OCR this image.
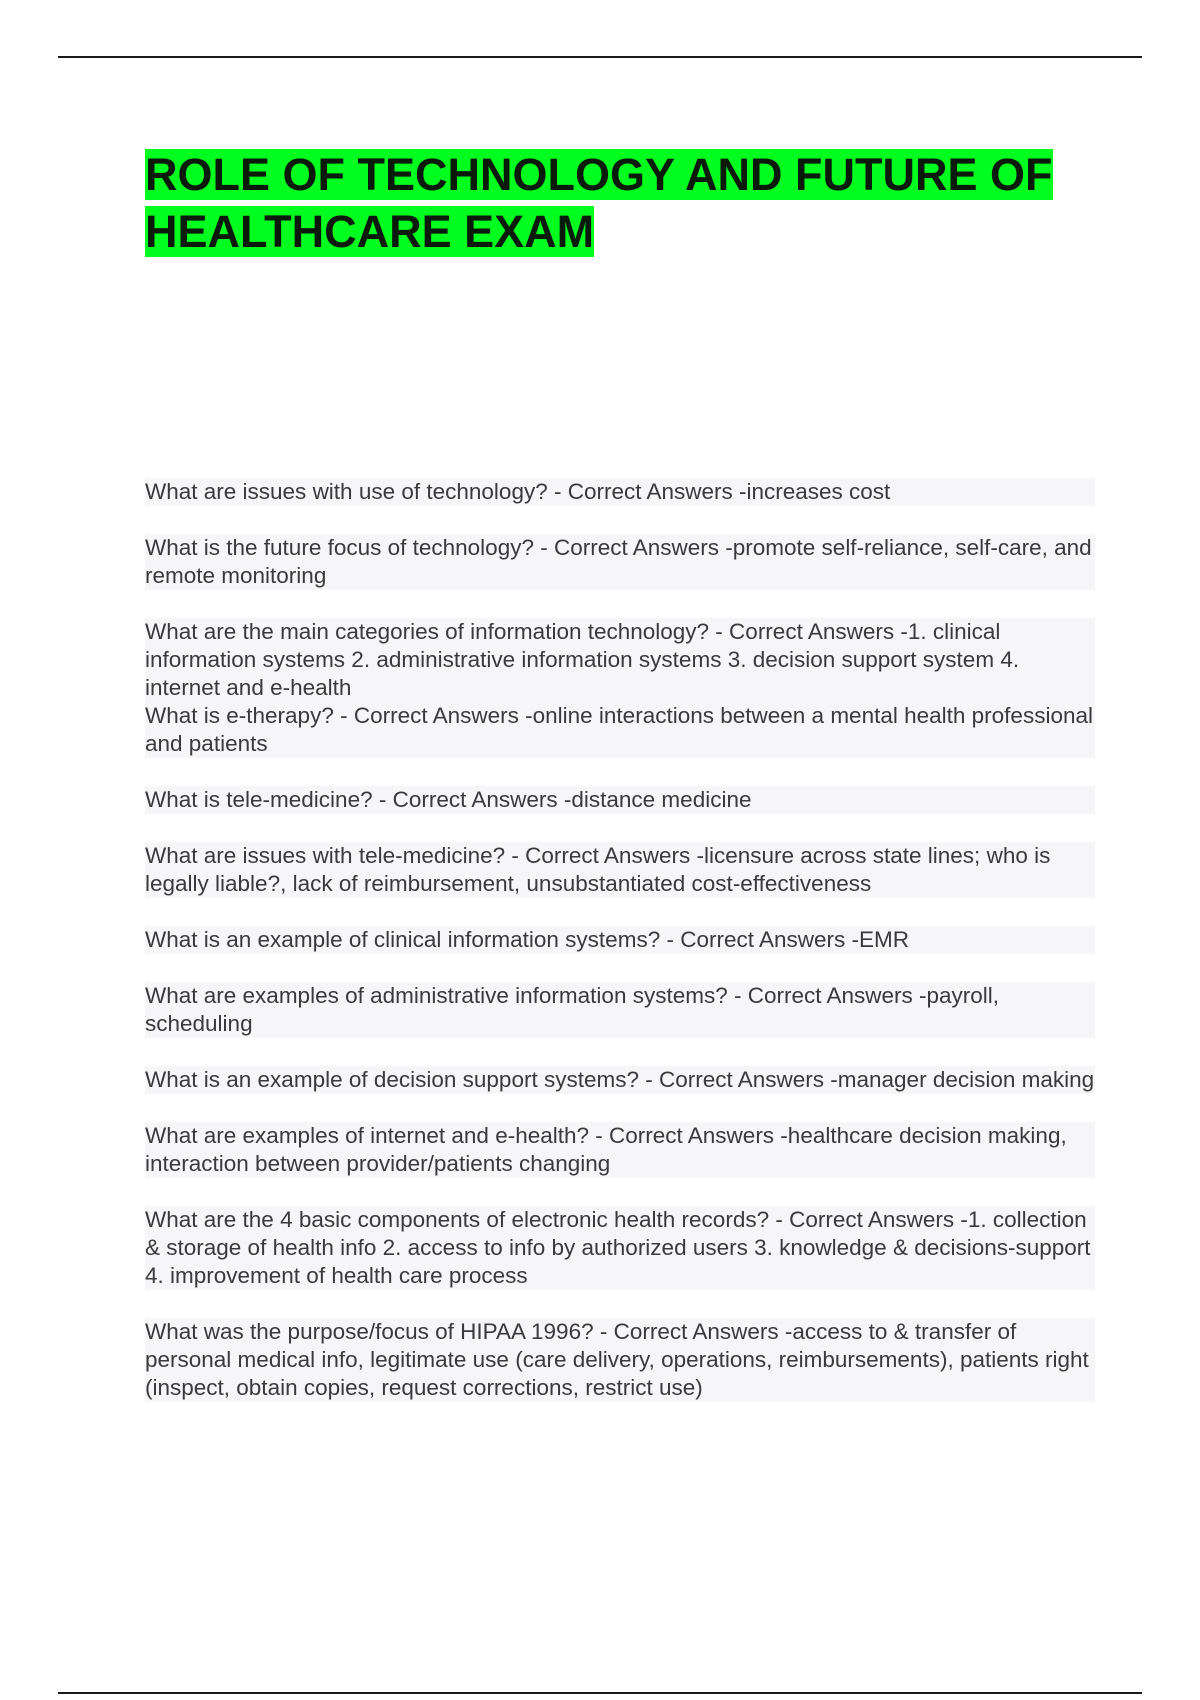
ROLE OF TECHNOLOGY AND FUTURE OF HEALTHCARE EXAM

What are issues with use of technology? - Correct Answers -increases cost

What is the future focus of technology? - Correct Answers -promote self-reliance, self-care, and remote monitoring

What are the main categories of information technology? - Correct Answers -1. clinical information systems 2. administrative information systems 3. decision support system 4. internet and e-health

What is e-therapy? - Correct Answers -online interactions between a mental health professional and patients

What is tele-medicine? - Correct Answers -distance medicine

What are issues with tele-medicine? - Correct Answers -licensure across state lines; who is legally liable?, lack of reimbursement, unsubstantiated cost-effectiveness

What is an example of clinical information systems? - Correct Answers -EMR

What are examples of administrative information systems? - Correct Answers -payroll, scheduling

What is an example of decision support systems? - Correct Answers -manager decision making

What are examples of internet and e-health? - Correct Answers -healthcare decision making, interaction between provider/patients changing

What are the 4 basic components of electronic health records? - Correct Answers -1. collection & storage of health info 2. access to info by authorized users 3. knowledge & decisions-support 4. improvement of health care process

What was the purpose/focus of HIPAA 1996? - Correct Answers -access to & transfer of personal medical info, legitimate use (care delivery, operations, reimbursements), patients right (inspect, obtain copies, request corrections, restrict use)
